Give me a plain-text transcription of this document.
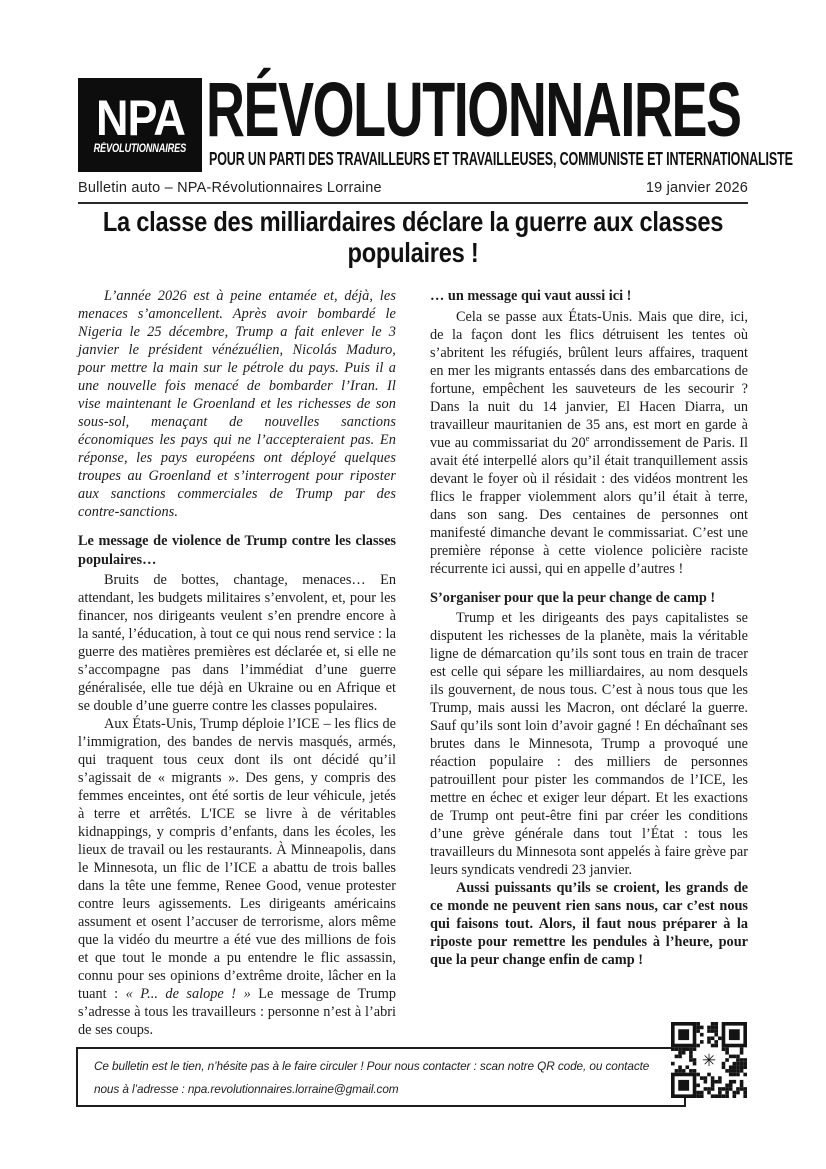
NPA
RÉVOLUTIONNAIRES RÉVOLUTIONNAIRES
POUR UN PARTI DES TRAVAILLEURS ET TRAVAILLEUSES, COMMUNISTE ET INTERNATIONALISTE
Bulletin auto – NPA-Révolutionnaires Lorraine	19 janvier 2026
La classe des milliardaires déclare la guerre aux classes populaires !

L’année 2026 est à peine entamée et, déjà, les menaces s’amoncellent. Après avoir bombardé le Nigeria le 25 décembre, Trump a fait enlever le 3 janvier le président vénézuélien, Nicolás Maduro, pour mettre la main sur le pétrole du pays. Puis il a une nouvelle fois menacé de bombarder l’Iran. Il vise maintenant le Groenland et les richesses de son sous-sol, menaçant de nouvelles sanctions économiques les pays qui ne l’accepteraient pas. En réponse, les pays européens ont déployé quelques troupes au Groenland et s’interrogent pour riposter aux sanctions commerciales de Trump par des contre-sanctions.

Le message de violence de Trump contre les classes populaires…

Bruits de bottes, chantage, menaces… En attendant, les budgets militaires s’envolent, et, pour les financer, nos dirigeants veulent s’en prendre encore à la santé, l’éducation, à tout ce qui nous rend service : la guerre des matières premières est déclarée et, si elle ne s’accompagne pas dans l’immédiat d’une guerre généralisée, elle tue déjà en Ukraine ou en Afrique et se double d’une guerre contre les classes populaires.

Aux États-Unis, Trump déploie l’ICE – les flics de l’immigration, des bandes de nervis masqués, armés, qui traquent tous ceux dont ils ont décidé qu’il s’agissait de « migrants ». Des gens, y compris des femmes enceintes, ont été sortis de leur véhicule, jetés à terre et arrêtés. L'ICE se livre à de véritables kidnappings, y compris d’enfants, dans les écoles, les lieux de travail ou les restaurants. À Minneapolis, dans le Minnesota, un flic de l’ICE a abattu de trois balles dans la tête une femme, Renee Good, venue protester contre leurs agissements. Les dirigeants américains assument et osent l’accuser de terrorisme, alors même que la vidéo du meurtre a été vue des millions de fois et que tout le monde a pu entendre le flic assassin, connu pour ses opinions d’extrême droite, lâcher en la tuant : « P... de salope ! » Le message de Trump s’adresse à tous les travailleurs : personne n’est à l’abri de ses coups.

… un message qui vaut aussi ici !

Cela se passe aux États-Unis. Mais que dire, ici, de la façon dont les flics détruisent les tentes où s’abritent les réfugiés, brûlent leurs affaires, traquent en mer les migrants entassés dans des embarcations de fortune, empêchent les sauveteurs de les secourir ? Dans la nuit du 14 janvier, El Hacen Diarra, un travailleur mauritanien de 35 ans, est mort en garde à vue au commissariat du 20e arrondissement de Paris. Il avait été interpellé alors qu’il était tranquillement assis devant le foyer où il résidait : des vidéos montrent les flics le frapper violemment alors qu’il était à terre, dans son sang. Des centaines de personnes ont manifesté dimanche devant le commissariat. C’est une première réponse à cette violence policière raciste récurrente ici aussi, qui en appelle d’autres !

S’organiser pour que la peur change de camp !

Trump et les dirigeants des pays capitalistes se disputent les richesses de la planète, mais la véritable ligne de démarcation qu’ils sont tous en train de tracer est celle qui sépare les milliardaires, au nom desquels ils gouvernent, de nous tous. C’est à nous tous que les Trump, mais aussi les Macron, ont déclaré la guerre. Sauf qu’ils sont loin d’avoir gagné ! En déchaînant ses brutes dans le Minnesota, Trump a provoqué une réaction populaire : des milliers de personnes patrouillent pour pister les commandos de l’ICE, les mettre en échec et exiger leur départ. Et les exactions de Trump ont peut-être fini par créer les conditions d’une grève générale dans tout l’État : tous les travailleurs du Minnesota sont appelés à faire grève par leurs syndicats vendredi 23 janvier.

Aussi puissants qu’ils se croient, les grands de ce monde ne peuvent rien sans nous, car c’est nous qui faisons tout. Alors, il faut nous préparer à la riposte pour remettre les pendules à l’heure, pour que la peur change enfin de camp !

Ce bulletin est le tien, n’hésite pas à le faire circuler ! Pour nous contacter : scan notre QR code, ou contacte nous à l’adresse : npa.revolutionnaires.lorraine@gmail.com

✳
